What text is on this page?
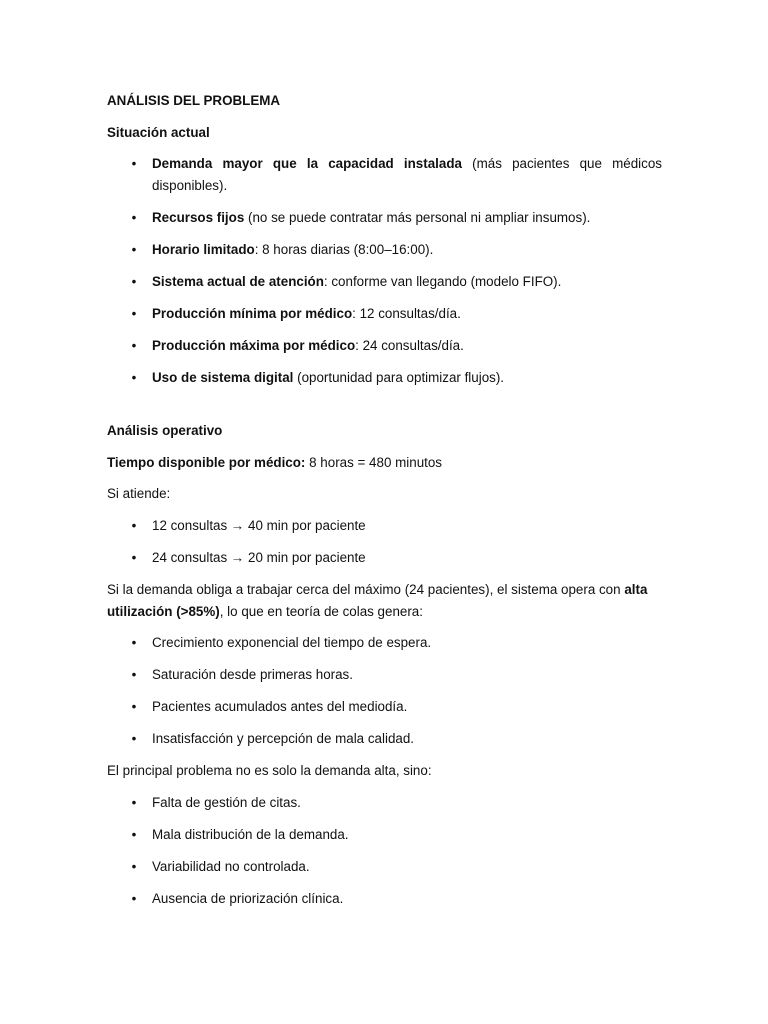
ANÁLISIS DEL PROBLEMA

Situación actual

• Demanda mayor que la capacidad instalada (más pacientes que médicos disponibles).
• Recursos fijos (no se puede contratar más personal ni ampliar insumos).
• Horario limitado: 8 horas diarias (8:00–16:00).
• Sistema actual de atención: conforme van llegando (modelo FIFO).
• Producción mínima por médico: 12 consultas/día.
• Producción máxima por médico: 24 consultas/día.
• Uso de sistema digital (oportunidad para optimizar flujos).

Análisis operativo

Tiempo disponible por médico: 8 horas = 480 minutos

Si atiende:

• 12 consultas → 40 min por paciente
• 24 consultas → 20 min por paciente

Si la demanda obliga a trabajar cerca del máximo (24 pacientes), el sistema opera con alta utilización (>85%), lo que en teoría de colas genera:

• Crecimiento exponencial del tiempo de espera.
• Saturación desde primeras horas.
• Pacientes acumulados antes del mediodía.
• Insatisfacción y percepción de mala calidad.

El principal problema no es solo la demanda alta, sino:

• Falta de gestión de citas.
• Mala distribución de la demanda.
• Variabilidad no controlada.
• Ausencia de priorización clínica.
